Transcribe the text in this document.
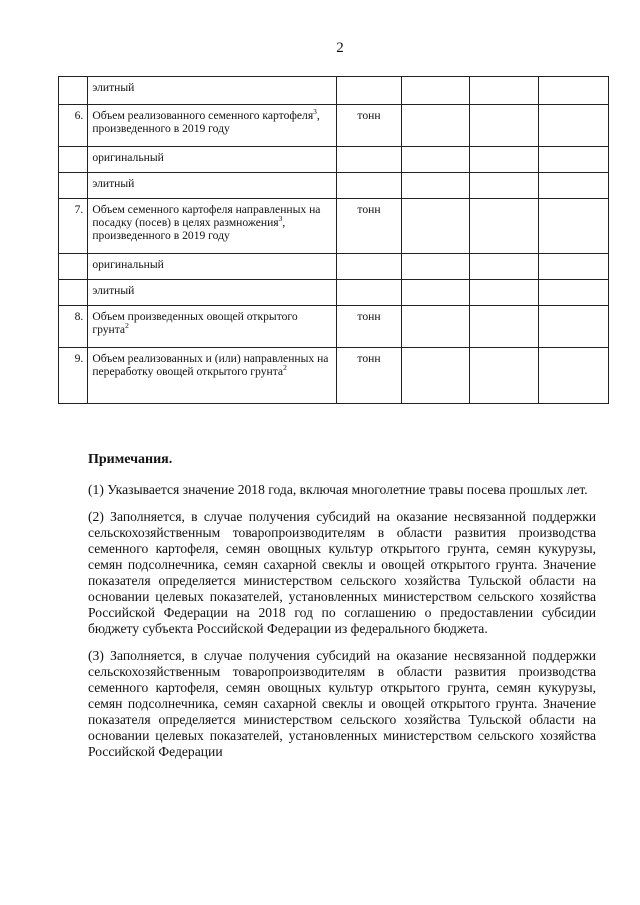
2
	элитный				
6.	Объем реализованного семенного картофеля$^3$, произведенного в 2019 году	тонн			
	оригинальный				
	элитный				
7.	Объем семенного картофеля направленных на посадку (посев) в целях размножения$^3$, произведенного в 2019 году	тонн			
	оригинальный				
	элитный				
8.	Объем произведенных овощей открытого грунта$^2$	тонн			
9.	Объем реализованных и (или) направленных на переработку овощей открытого грунта$^2$	тонн			
Примечания.

(1) Указывается значение 2018 года, включая многолетние травы посева прошлых лет.

(2) Заполняется, в случае получения субсидий на оказание несвязанной поддержки сельскохозяйственным товаропроизводителям в области развития производства семенного картофеля, семян овощных культур открытого грунта, семян кукурузы, семян подсолнечника, семян сахарной свеклы и овощей открытого грунта. Значение показателя определяется министерством сельского хозяйства Тульской области на основании целевых показателей, установленных министерством сельского хозяйства Российской Федерации на 2018 год по соглашению о предоставлении субсидии бюджету субъекта Российской Федерации из федерального бюджета.

(3) Заполняется, в случае получения субсидий на оказание несвязанной поддержки сельскохозяйственным товаропроизводителям в области развития производства семенного картофеля, семян овощных культур открытого грунта, семян кукурузы, семян подсолнечника, семян сахарной свеклы и овощей открытого грунта. Значение показателя определяется министерством сельского хозяйства Тульской области на основании целевых показателей, установленных министерством сельского хозяйства Российской Федерации
